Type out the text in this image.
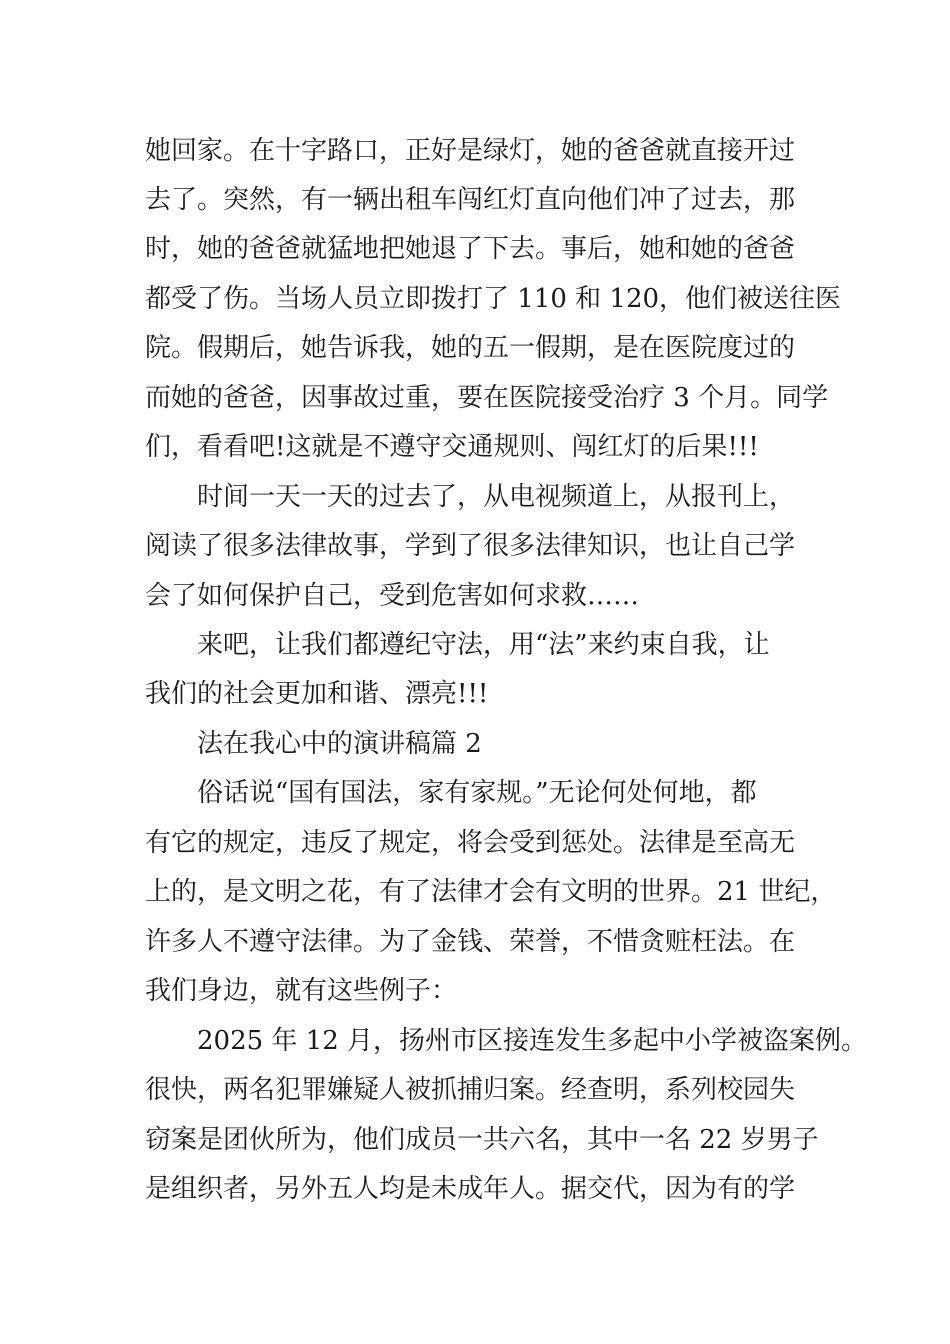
她回家。在十字路口，正好是绿灯，她的爸爸就直接开过
去了。突然，有一辆出租车闯红灯直向他们冲了过去，那
时，她的爸爸就猛地把她退了下去。事后，她和她的爸爸
都受了伤。当场人员立即拨打了 110 和 120，他们被送往医
院。假期后，她告诉我，她的五一假期，是在医院度过的
而她的爸爸，因事故过重，要在医院接受治疗 3 个月。同学
们，看看吧!这就是不遵守交通规则、闯红灯的后果!!!
时间一天一天的过去了，从电视频道上，从报刊上，
阅读了很多法律故事，学到了很多法律知识，也让自己学
会了如何保护自己，受到危害如何求救……
来吧，让我们都遵纪守法，用“法”来约束自我，让
我们的社会更加和谐、漂亮!!!
法在我心中的演讲稿篇 2
俗话说“国有国法，家有家规。”无论何处何地，都
有它的规定，违反了规定，将会受到惩处。法律是至高无
上的，是文明之花，有了法律才会有文明的世界。21 世纪，
许多人不遵守法律。为了金钱、荣誉，不惜贪赃枉法。在
我们身边，就有这些例子：
2025 年 12 月，扬州市区接连发生多起中小学被盗案例。
很快，两名犯罪嫌疑人被抓捕归案。经查明，系列校园失
窃案是团伙所为，他们成员一共六名，其中一名 22 岁男子
是组织者，另外五人均是未成年人。据交代，因为有的学
